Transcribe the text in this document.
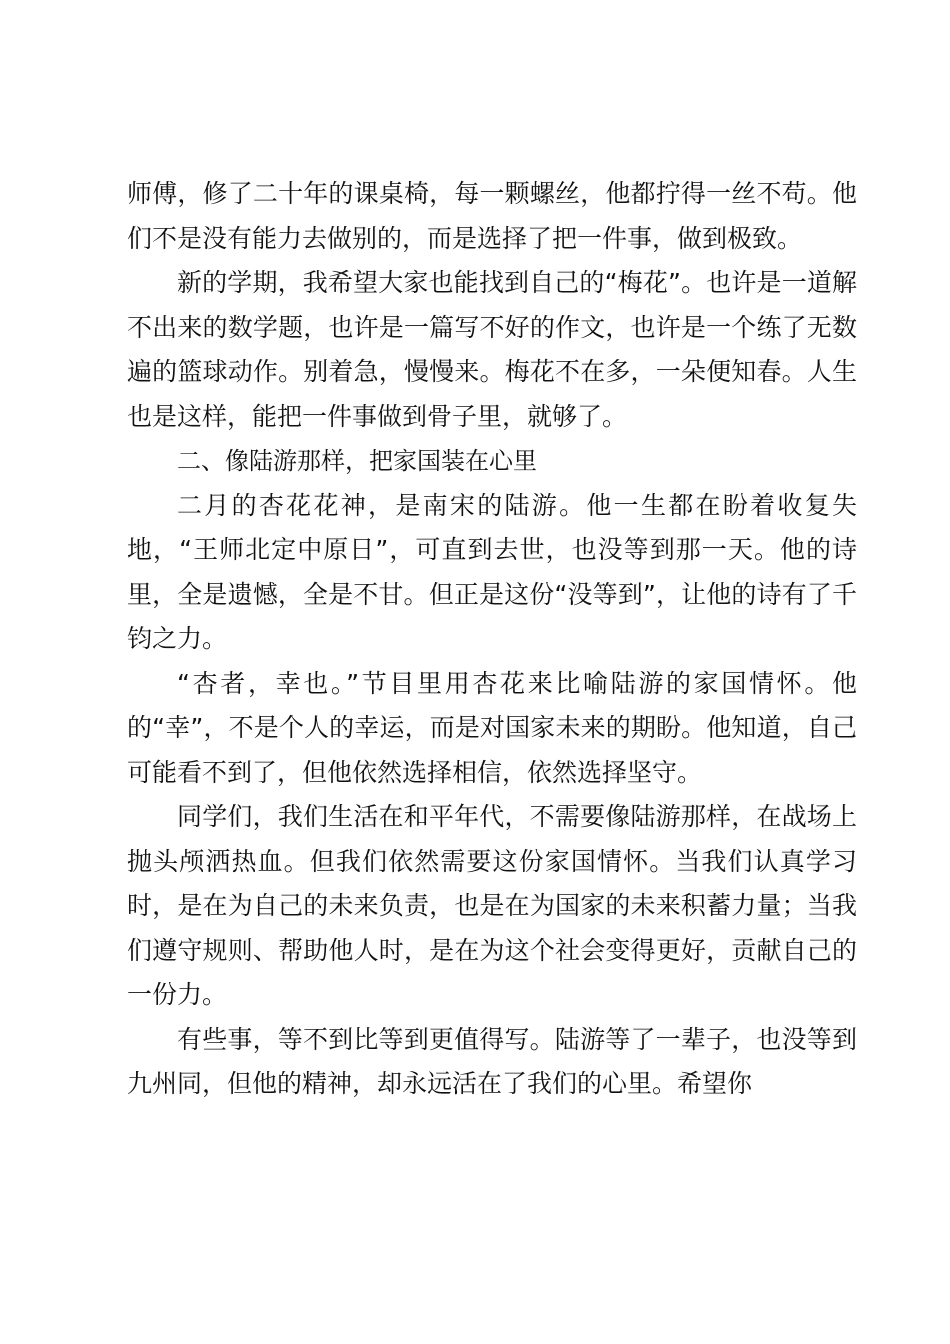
师傅，修了二十年的课桌椅，每一颗螺丝，他都拧得一丝不苟。他们不是没有能力去做别的，而是选择了把一件事，做到极致。

新的学期，我希望大家也能找到自己的“梅花”。也许是一道解不出来的数学题，也许是一篇写不好的作文，也许是一个练了无数遍的篮球动作。别着急，慢慢来。梅花不在多，一朵便知春。人生也是这样，能把一件事做到骨子里，就够了。

二、像陆游那样，把家国装在心里

二月的杏花花神，是南宋的陆游。他一生都在盼着收复失地，“王师北定中原日”，可直到去世，也没等到那一天。他的诗里，全是遗憾，全是不甘。但正是这份“没等到”，让他的诗有了千钧之力。

“杏者，幸也。”节目里用杏花来比喻陆游的家国情怀。他的“幸”，不是个人的幸运，而是对国家未来的期盼。他知道，自己可能看不到了，但他依然选择相信，依然选择坚守。

同学们，我们生活在和平年代，不需要像陆游那样，在战场上抛头颅洒热血。但我们依然需要这份家国情怀。当我们认真学习时，是在为自己的未来负责，也是在为国家的未来积蓄力量；当我们遵守规则、帮助他人时，是在为这个社会变得更好，贡献自己的一份力。

有些事，等不到比等到更值得写。陆游等了一辈子，也没等到九州同，但他的精神，却永远活在了我们的心里。希望你
